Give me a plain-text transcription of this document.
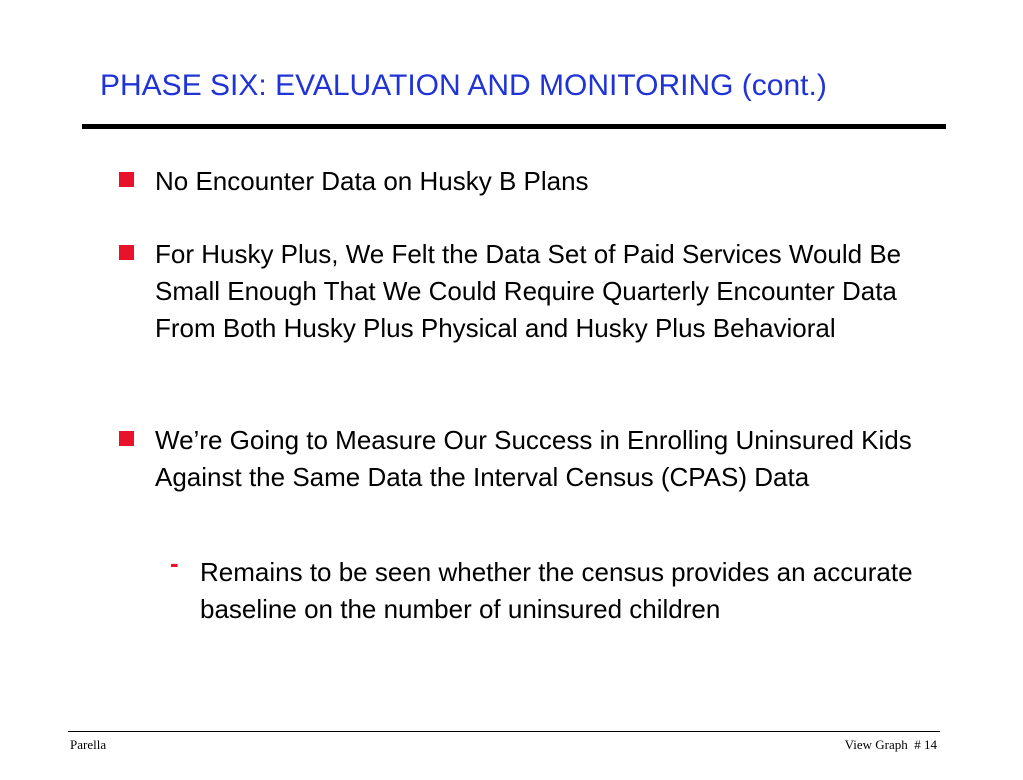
PHASE SIX: EVALUATION AND MONITORING (cont.)
No Encounter Data on Husky B Plans
For Husky Plus, We Felt the Data Set of Paid Services Would Be Small Enough That We Could Require Quarterly Encounter Data From Both Husky Plus Physical and Husky Plus Behavioral
We’re Going to Measure Our Success in Enrolling Uninsured Kids Against the Same Data the Interval Census (CPAS) Data
- Remains to be seen whether the census provides an accurate baseline on the number of uninsured children
Parella	View Graph  # 14
